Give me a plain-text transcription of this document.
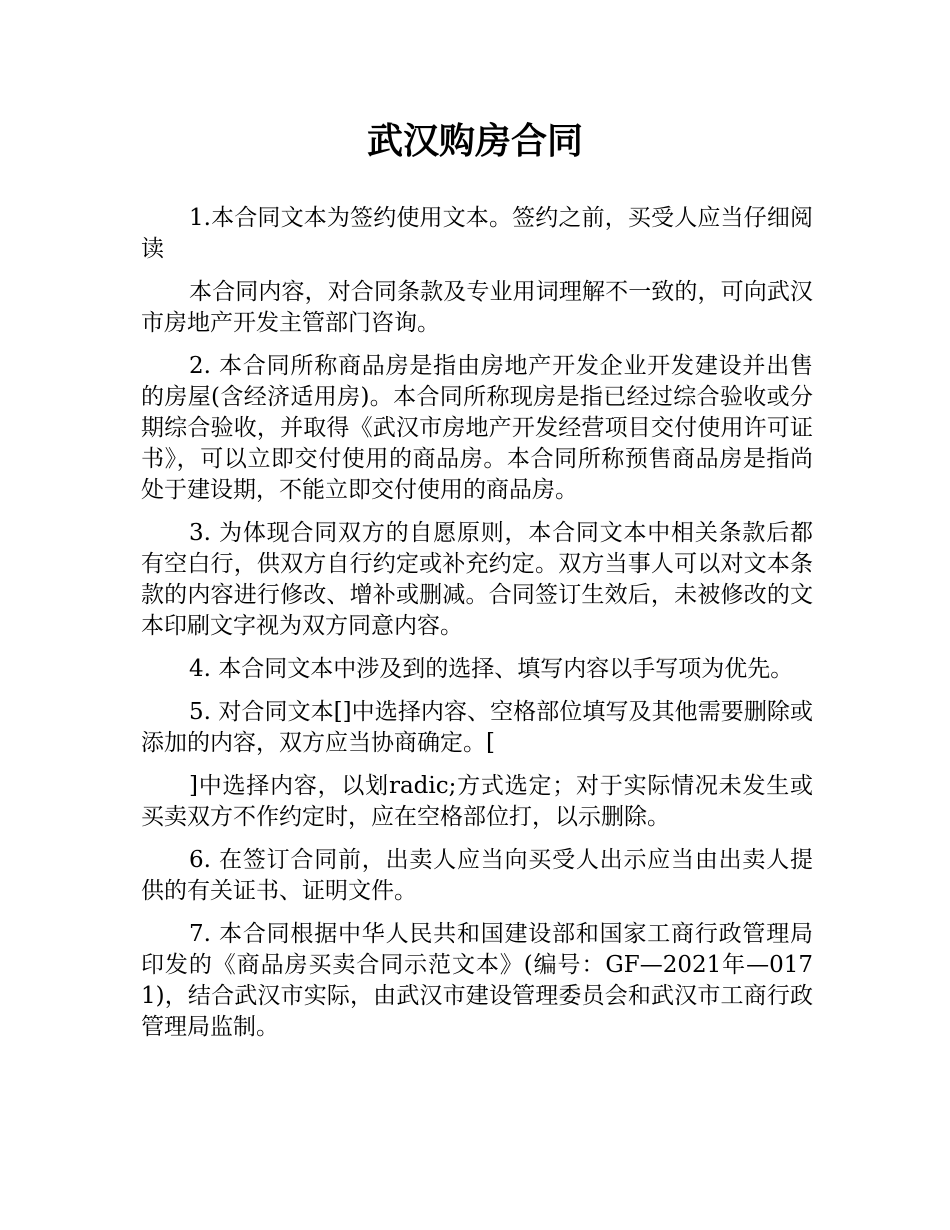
武汉购房合同

1.本合同文本为签约使用文本。签约之前，买受人应当仔细阅读

本合同内容，对合同条款及专业用词理解不一致的，可向武汉市房地产开发主管部门咨询。

2. 本合同所称商品房是指由房地产开发企业开发建设并出售的房屋(含经济适用房)。本合同所称现房是指已经过综合验收或分期综合验收，并取得《武汉市房地产开发经营项目交付使用许可证书》，可以立即交付使用的商品房。本合同所称预售商品房是指尚处于建设期，不能立即交付使用的商品房。

3. 为体现合同双方的自愿原则，本合同文本中相关条款后都有空白行，供双方自行约定或补充约定。双方当事人可以对文本条款的内容进行修改、增补或删减。合同签订生效后，未被修改的文本印刷文字视为双方同意内容。

4. 本合同文本中涉及到的选择、填写内容以手写项为优先。

5. 对合同文本[]中选择内容、空格部位填写及其他需要删除或添加的内容，双方应当协商确定。[

]中选择内容，以划radic;方式选定；对于实际情况未发生或买卖双方不作约定时，应在空格部位打，以示删除。

6. 在签订合同前，出卖人应当向买受人出示应当由出卖人提供的有关证书、证明文件。

7. 本合同根据中华人民共和国建设部和国家工商行政管理局印发的《商品房买卖合同示范文本》(编号：GF—2021年—0171)，结合武汉市实际，由武汉市建设管理委员会和武汉市工商行政管理局监制。
